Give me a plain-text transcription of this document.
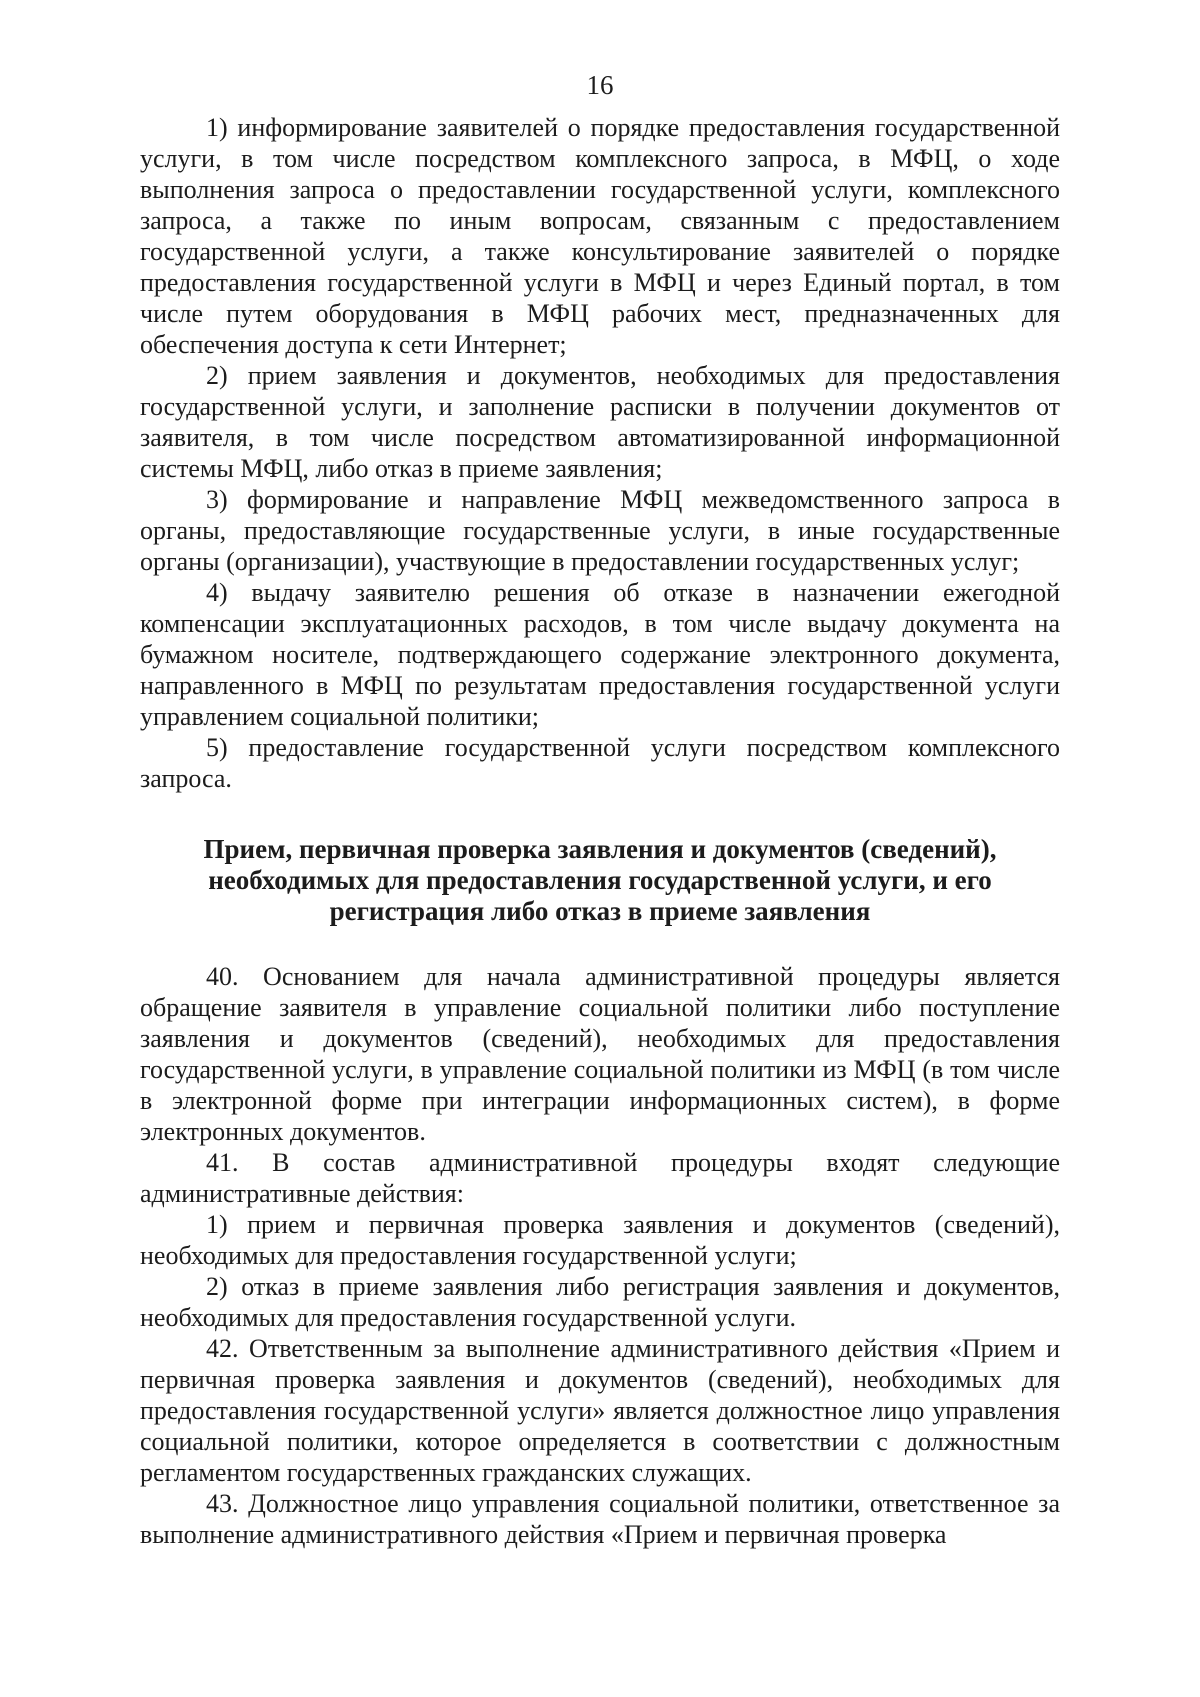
16

1) информирование заявителей о порядке предоставления государственной услуги, в том числе посредством комплексного запроса, в МФЦ, о ходе выполнения запроса о предоставлении государственной услуги, комплексного запроса, а также по иным вопросам, связанным с предоставлением государственной услуги, а также консультирование заявителей о порядке предоставления государственной услуги в МФЦ и через Единый портал, в том числе путем оборудования в МФЦ рабочих мест, предназначенных для обеспечения доступа к сети Интернет;

2) прием заявления и документов, необходимых для предоставления государственной услуги, и заполнение расписки в получении документов от заявителя, в том числе посредством автоматизированной информационной системы МФЦ, либо отказ в приеме заявления;

3) формирование и направление МФЦ межведомственного запроса в органы, предоставляющие государственные услуги, в иные государственные органы (организации), участвующие в предоставлении государственных услуг;

4) выдачу заявителю решения об отказе в назначении ежегодной компенсации эксплуатационных расходов, в том числе выдачу документа на бумажном носителе, подтверждающего содержание электронного документа, направленного в МФЦ по результатам предоставления государственной услуги управлением социальной политики;

5) предоставление государственной услуги посредством комплексного запроса.

Прием, первичная проверка заявления и документов (сведений), необходимых для предоставления государственной услуги, и его регистрация либо отказ в приеме заявления

40. Основанием для начала административной процедуры является обращение заявителя в управление социальной политики либо поступление заявления и документов (сведений), необходимых для предоставления государственной услуги, в управление социальной политики из МФЦ (в том числе в электронной форме при интеграции информационных систем), в форме электронных документов.

41. В состав административной процедуры входят следующие административные действия:

1) прием и первичная проверка заявления и документов (сведений), необходимых для предоставления государственной услуги;

2) отказ в приеме заявления либо регистрация заявления и документов, необходимых для предоставления государственной услуги.

42. Ответственным за выполнение административного действия «Прием и первичная проверка заявления и документов (сведений), необходимых для предоставления государственной услуги» является должностное лицо управления социальной политики, которое определяется в соответствии с должностным регламентом государственных гражданских служащих.

43. Должностное лицо управления социальной политики, ответственное за выполнение административного действия «Прием и первичная проверка
